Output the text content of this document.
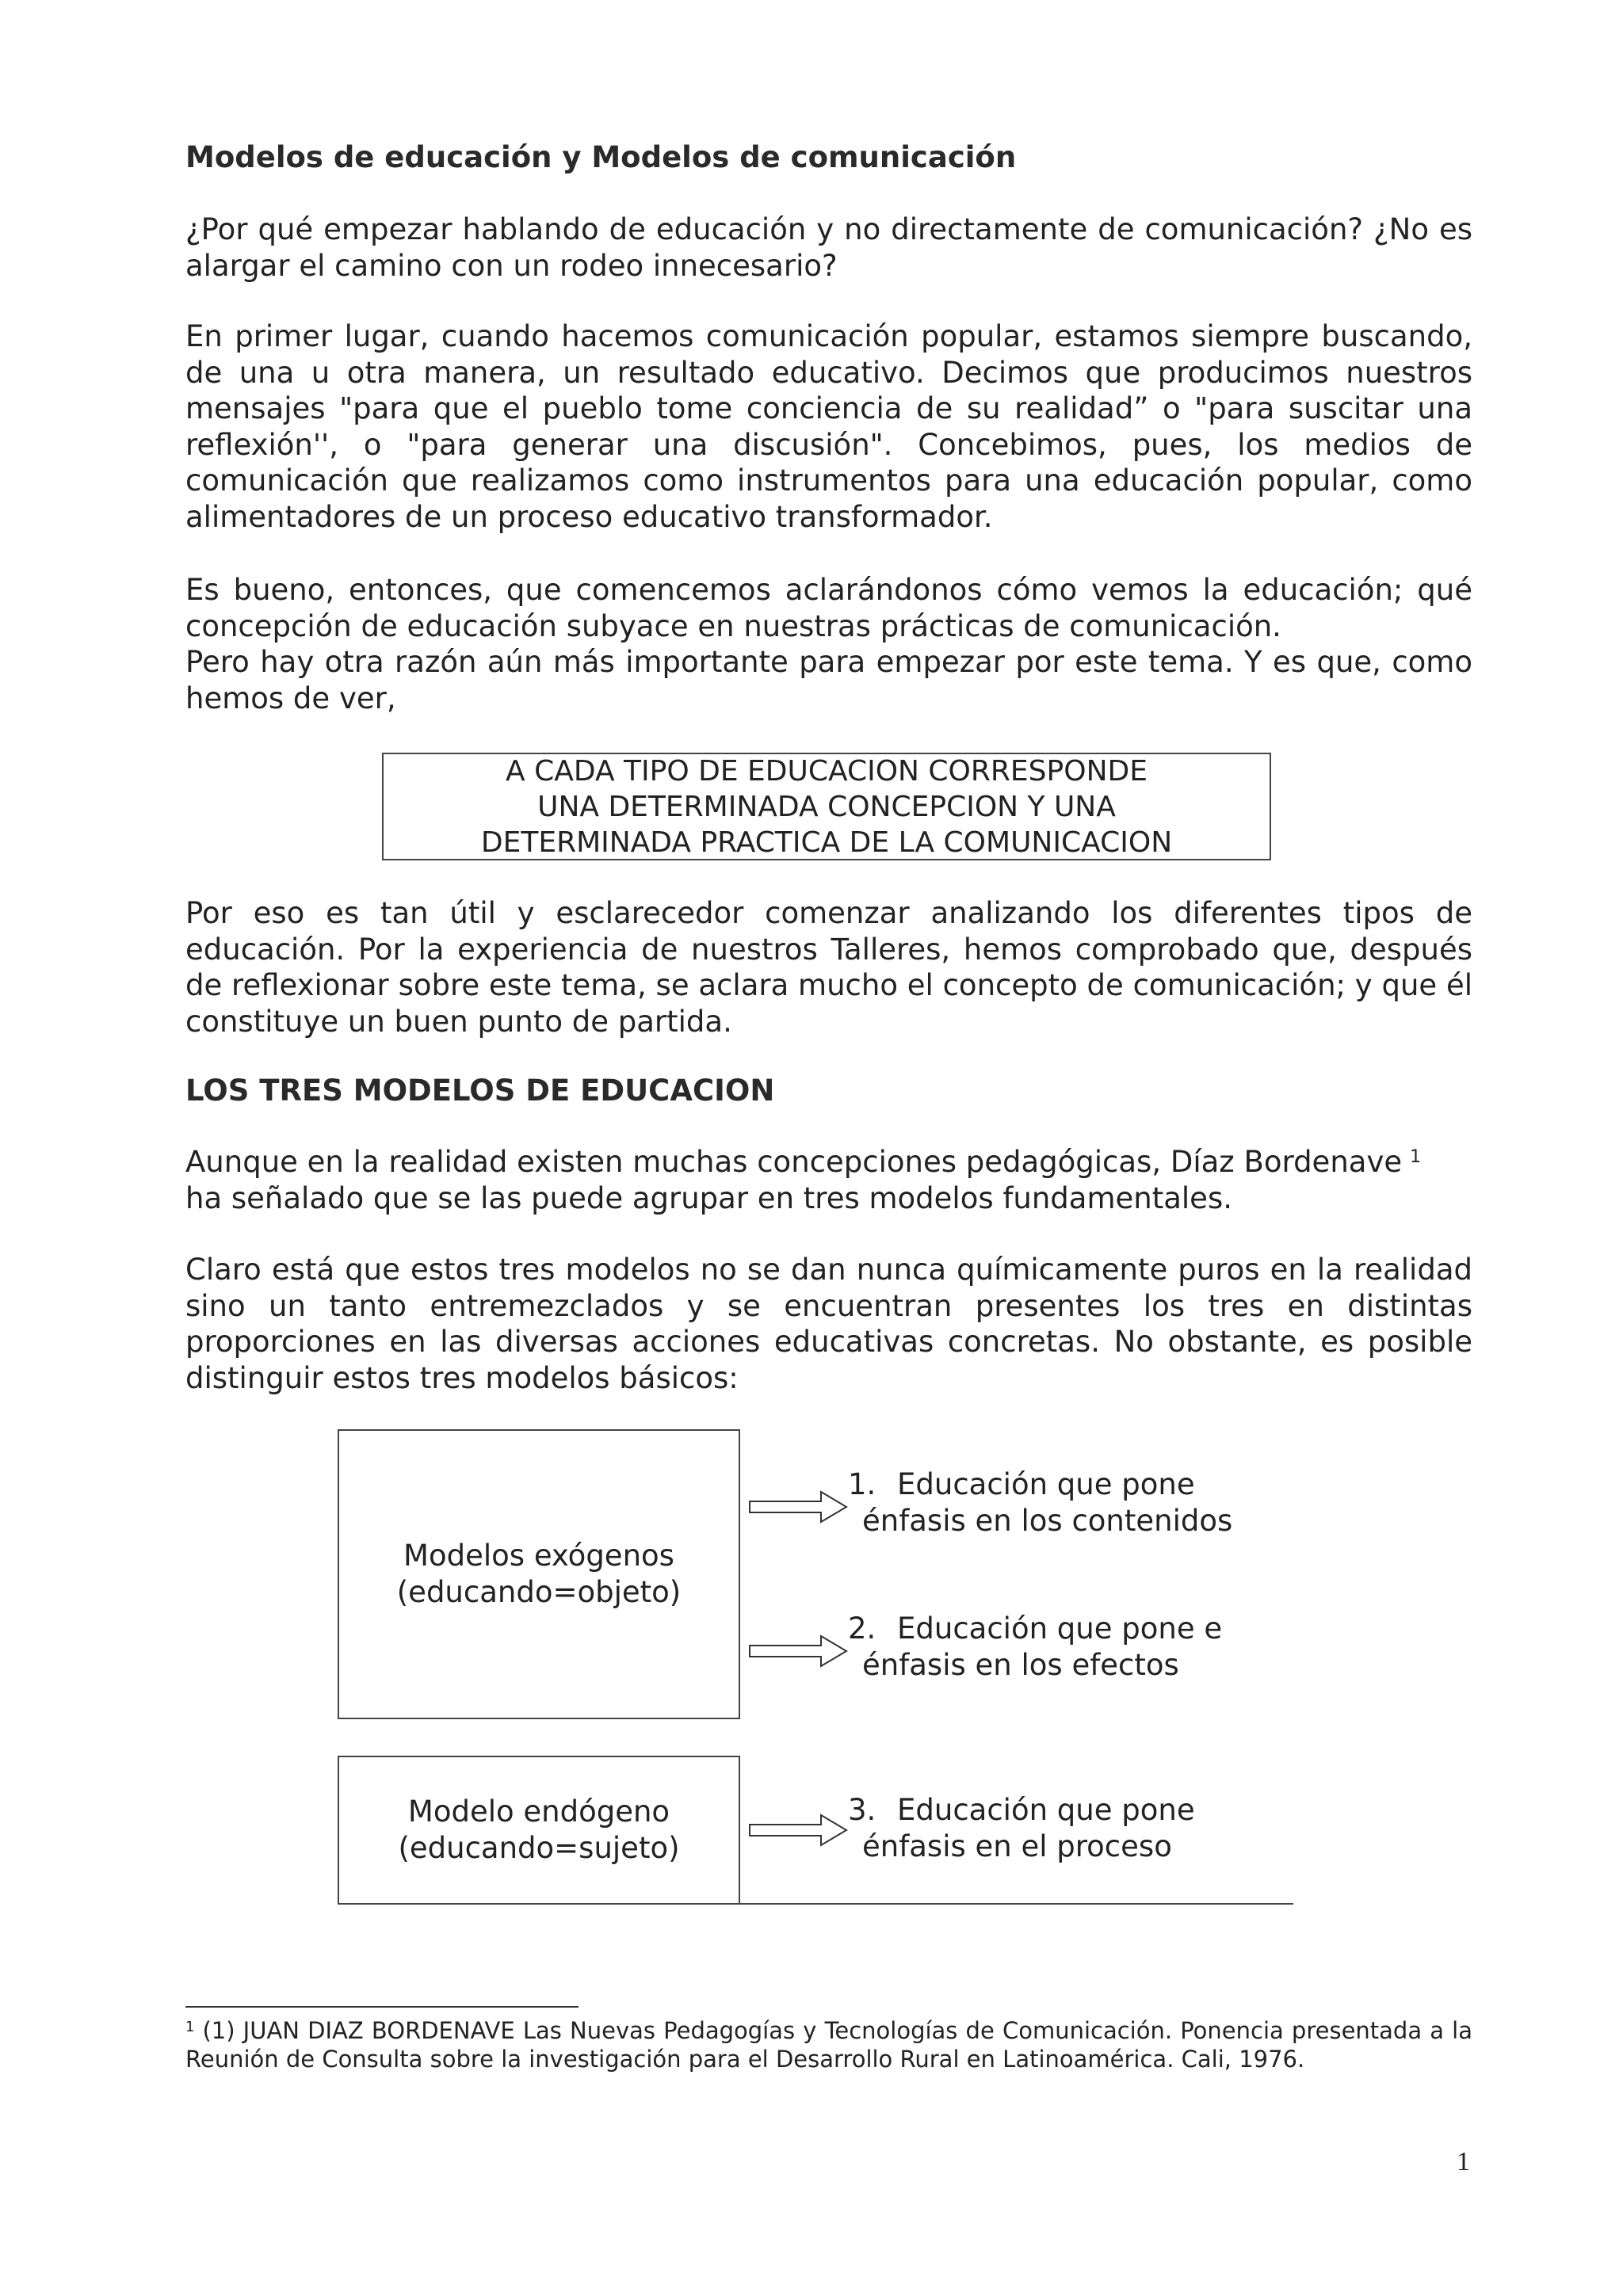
Modelos de educación y Modelos de comunicación

¿Por qué empezar hablando de educación y no directamente de comunicación? ¿No es alargar el camino con un rodeo innecesario?

En primer lugar, cuando hacemos comunicación popular, estamos siempre buscando, de una u otra manera, un resultado educativo. Decimos que producimos nuestros mensajes "para que el pueblo tome conciencia de su realidad” o "para suscitar una reflexión'', o "para generar una discusión". Concebimos, pues, los medios de comunicación que realizamos como instrumentos para una educación popular, como alimentadores de un proceso educativo transformador.

Es bueno, entonces, que comencemos aclarándonos cómo vemos la educación; qué concepción de educación subyace en nuestras prácticas de comunicación.

Pero hay otra razón aún más importante para empezar por este tema. Y es que, como hemos de ver,

A CADA TIPO DE EDUCACION CORRESPONDE
UNA DETERMINADA CONCEPCION Y UNA
DETERMINADA PRACTICA DE LA COMUNICACION

Por eso es tan útil y esclarecedor comenzar analizando los diferentes tipos de educación. Por la experiencia de nuestros Talleres, hemos comprobado que, después de reflexionar sobre este tema, se aclara mucho el concepto de comunicación; y que él constituye un buen punto de partida.

LOS TRES MODELOS DE EDUCACION

Aunque en la realidad existen muchas concepciones pedagógicas, Díaz Bordenave $^1$

ha señalado que se las puede agrupar en tres modelos fundamentales.

Claro está que estos tres modelos no se dan nunca químicamente puros en la realidad sino un tanto entremezclados y se encuentran presentes los tres en distintas proporciones en las diversas acciones educativas concretas. No obstante, es posible distinguir estos tres modelos básicos:

Modelos exógenos
(educando=objeto)
Modelo endógeno
(educando=sujeto)
1. Educación que pone
énfasis en los contenidos
2. Educación que pone e
énfasis en los efectos
3. Educación que pone
énfasis en el proceso
$^1$ (1) JUAN DIAZ BORDENAVE Las Nuevas Pedagogías y Tecnologías de Comunicación. Ponencia presentada a la Reunión de Consulta sobre la investigación para el Desarrollo Rural en Latinoamérica. Cali, 1976.
1
